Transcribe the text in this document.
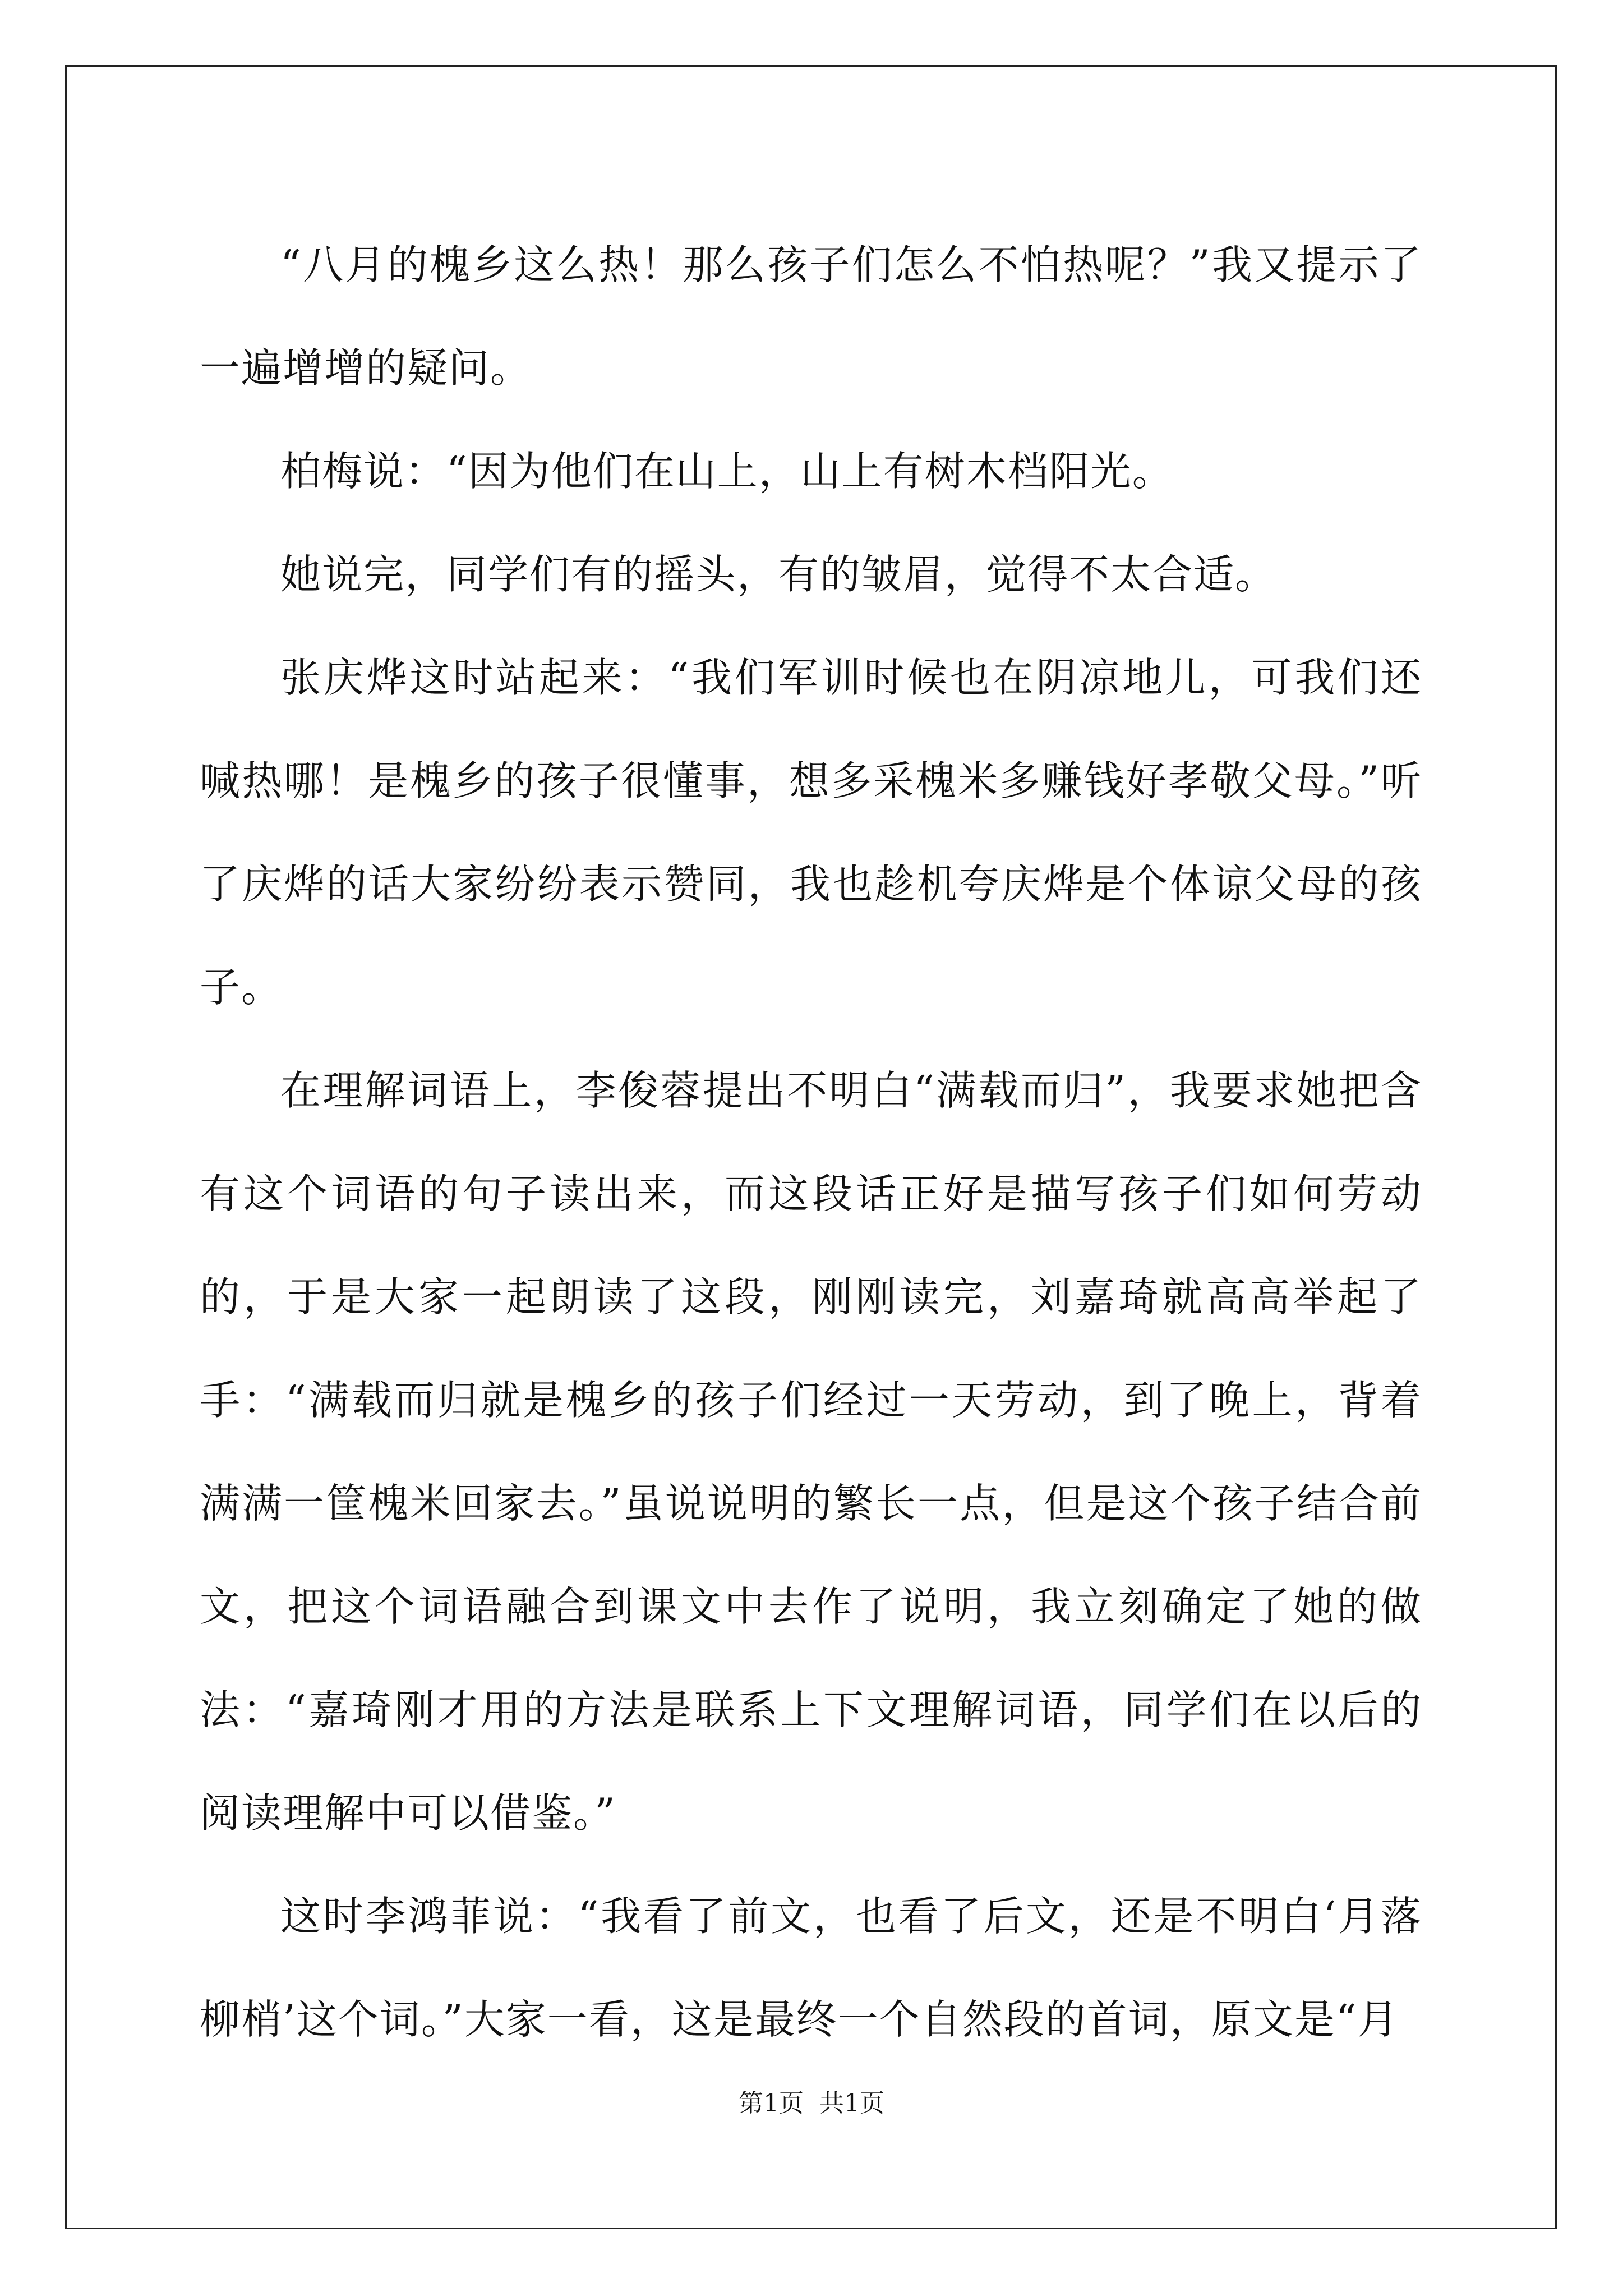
“八月的槐乡这么热！那么孩子们怎么不怕热呢？”我又提示了一遍增增的疑问。

柏梅说：“因为他们在山上，山上有树木档阳光。

她说完，同学们有的摇头，有的皱眉，觉得不太合适。

张庆烨这时站起来：“我们军训时候也在阴凉地儿，可我们还喊热哪！是槐乡的孩子很懂事，想多采槐米多赚钱好孝敬父母。”听了庆烨的话大家纷纷表示赞同，我也趁机夸庆烨是个体谅父母的孩子。

在理解词语上，李俊蓉提出不明白“满载而归”，我要求她把含有这个词语的句子读出来，而这段话正好是描写孩子们如何劳动的，于是大家一起朗读了这段，刚刚读完，刘嘉琦就高高举起了手：“满载而归就是槐乡的孩子们经过一天劳动，到了晚上，背着满满一筐槐米回家去。”虽说说明的繁长一点，但是这个孩子结合前文，把这个词语融合到课文中去作了说明，我立刻确定了她的做法：“嘉琦刚才用的方法是联系上下文理解词语，同学们在以后的阅读理解中可以借鉴。”

这时李鸿菲说：“我看了前文，也看了后文，还是不明白‘月落柳梢’这个词。”大家一看，这是最终一个自然段的首词，原文是“月

第1页 共1页
